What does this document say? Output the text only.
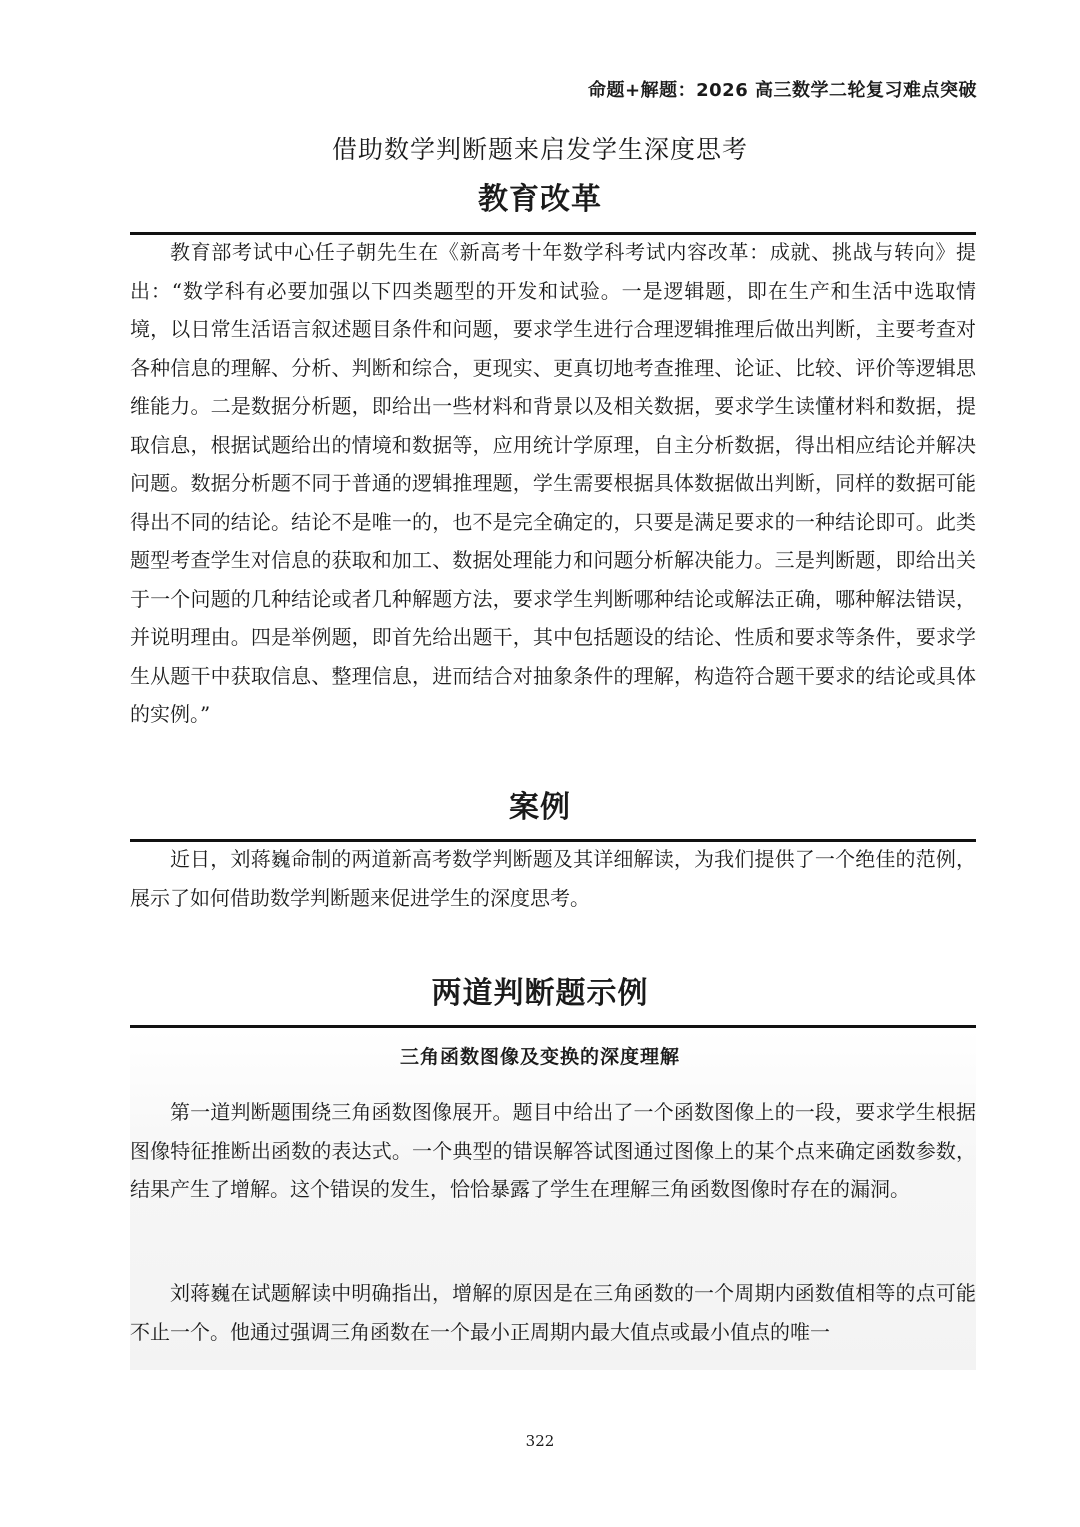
命题+解题：2026 高三数学二轮复习难点突破
借助数学判断题来启发学生深度思考
教育改革

教育部考试中心任子朝先生在《新高考十年数学科考试内容改革：成就、挑战与转向》提出：“数学科有必要加强以下四类题型的开发和试验。一是逻辑题，即在生产和生活中选取情境，以日常生活语言叙述题目条件和问题，要求学生进行合理逻辑推理后做出判断，主要考查对各种信息的理解、分析、判断和综合，更现实、更真切地考查推理、论证、比较、评价等逻辑思维能力。二是数据分析题，即给出一些材料和背景以及相关数据，要求学生读懂材料和数据，提取信息，根据试题给出的情境和数据等，应用统计学原理，自主分析数据，得出相应结论并解决问题。数据分析题不同于普通的逻辑推理题，学生需要根据具体数据做出判断，同样的数据可能得出不同的结论。结论不是唯一的，也不是完全确定的，只要是满足要求的一种结论即可。此类题型考查学生对信息的获取和加工、数据处理能力和问题分析解决能力。三是判断题，即给出关于一个问题的几种结论或者几种解题方法，要求学生判断哪种结论或解法正确，哪种解法错误，并说明理由。四是举例题，即首先给出题干，其中包括题设的结论、性质和要求等条件，要求学生从题干中获取信息、整理信息，进而结合对抽象条件的理解，构造符合题干要求的结论或具体的实例。”

案例

近日，刘蒋巍命制的两道新高考数学判断题及其详细解读，为我们提供了一个绝佳的范例，展示了如何借助数学判断题来促进学生的深度思考。

两道判断题示例
三角函数图像及变换的深度理解

第一道判断题围绕三角函数图像展开。题目中给出了一个函数图像上的一段，要求学生根据图像特征推断出函数的表达式。一个典型的错误解答试图通过图像上的某个点来确定函数参数，结果产生了增解。这个错误的发生，恰恰暴露了学生在理解三角函数图像时存在的漏洞。

刘蒋巍在试题解读中明确指出，增解的原因是在三角函数的一个周期内函数值相等的点可能不止一个。他通过强调三角函数在一个最小正周期内最大值点或最小值点的唯一

322
